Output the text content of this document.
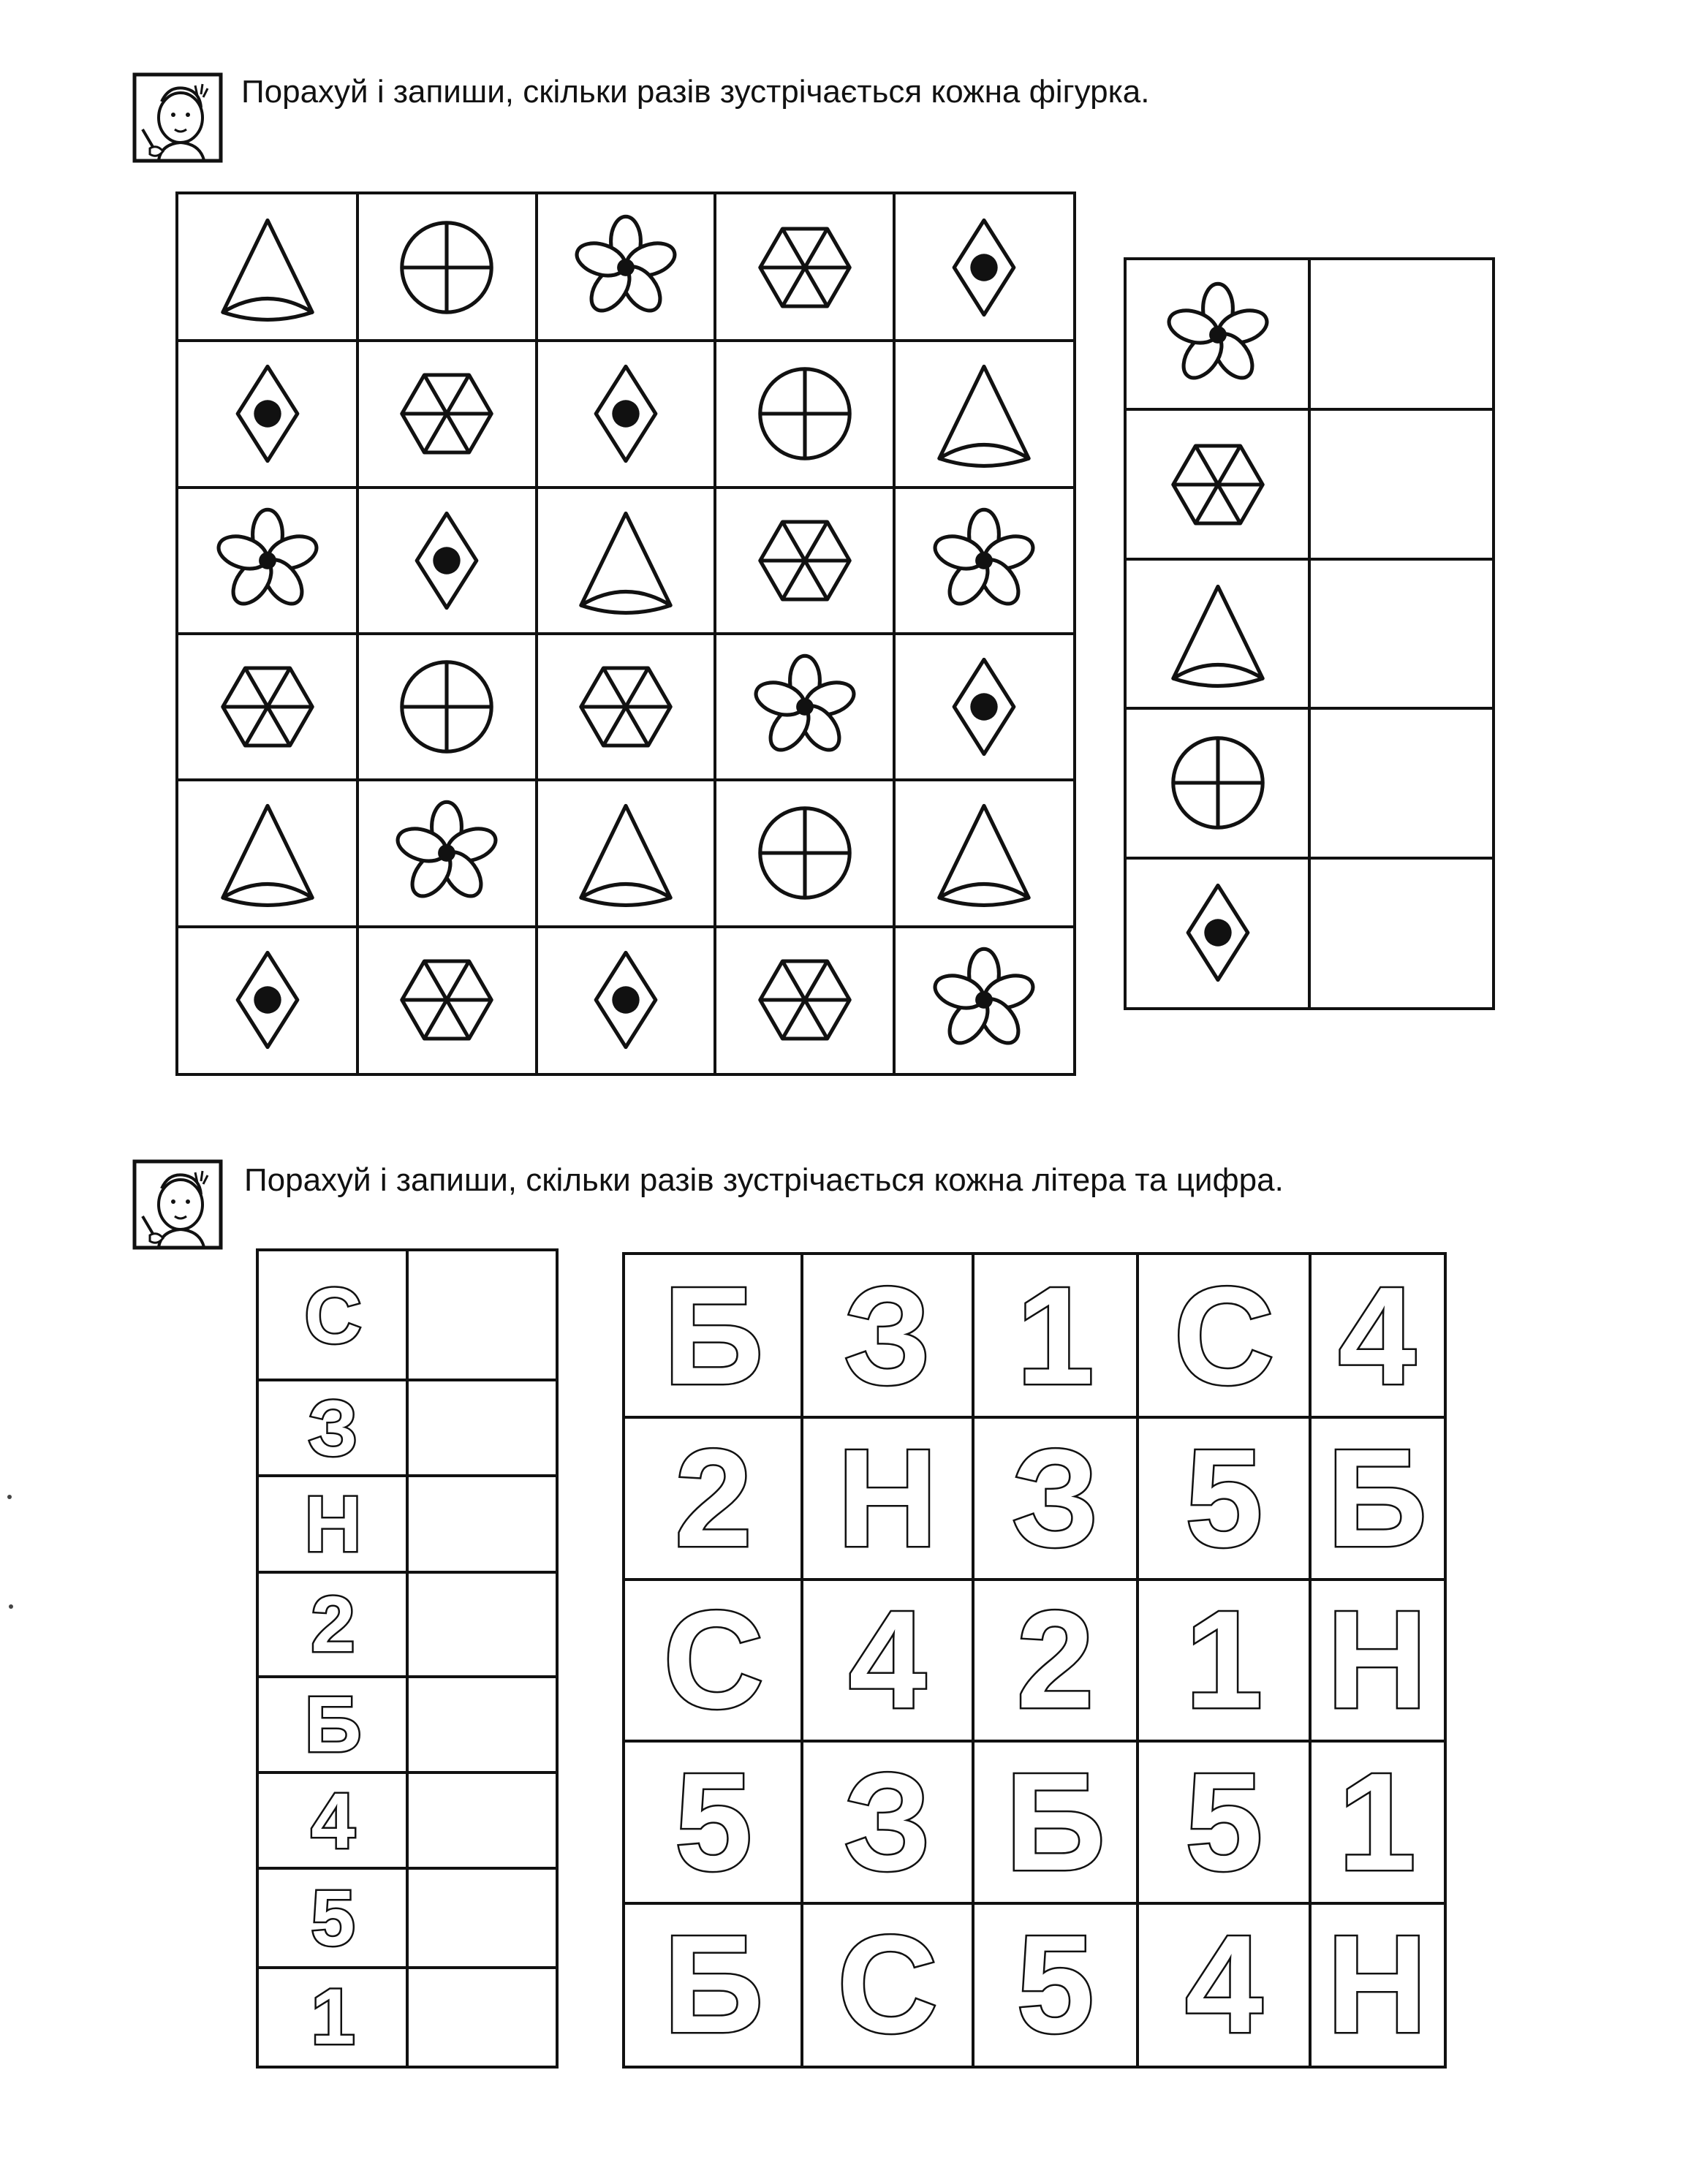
Порахуй і запиши, скільки разів зустрічається кожна фігурка.
Порахуй і запиши, скільки разів зустрічається кожна літера та цифра.
С
З
Н
2
Б
4
5
1
Б З 1 С 4
2 Н З 5 Б
С 4 2 1 Н
5 З Б 5 1
Б С 5 4 Н
